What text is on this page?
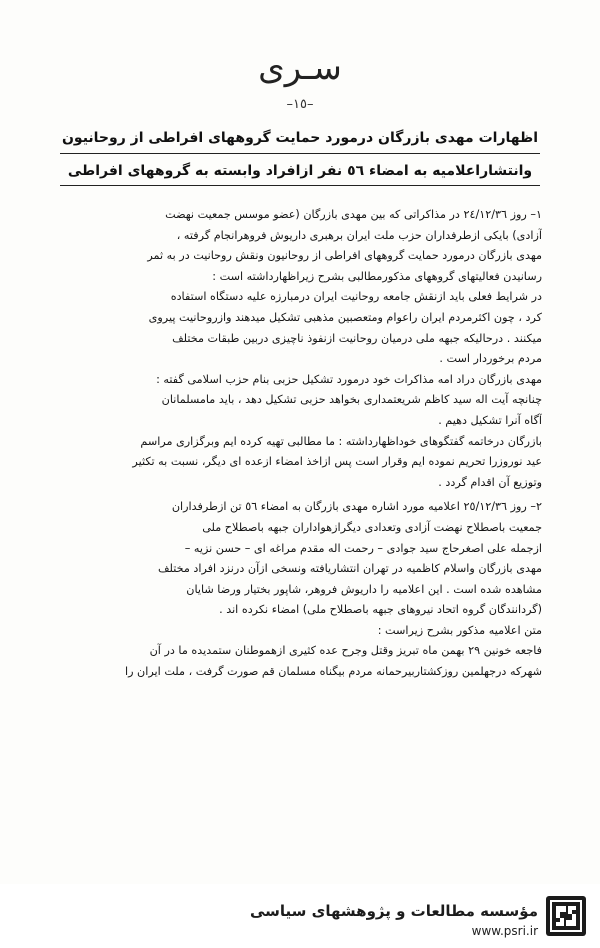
سـری
–١٥–
اظهارات مهدی بازرگان درمورد حمایت گروههای افراطی از روحانیون
وانتشاراعلامیه به امضاء ٥٦ نفر ازافراد وابسته به گروههای افراطی

١– روز ٢٤/١٢/٣٦ در مذاکراتی که بین مهدی بازرگان (عضو موسس جمعیت نهضت

آزادی) بایکی ازطرفداران حزب ملت ایران برهبری داریوش فروهرانجام گرفته ،

مهدی بازرگان درمورد حمایت گروههای افراطی از روحانیون ونقش روحانیت در به ثمر

رسانیدن فعالیتهای گروههای مذکورمطالبی بشرح زیراظهارداشته است :

در شرایط فعلی باید ازنقش جامعه روحانیت ایران درمبارزه علیه دستگاه استفاده

کرد ، چون اکثرمردم ایران راعوام ومتعصبین مذهبی تشکیل میدهند وازروحانیت پیروی

میکنند . درحالیکه جبهه ملی درمیان روحانیت ازنفوذ ناچیزی دربین طبقات مختلف

مردم برخوردار است .

مهدی بازرگان دراد امه مذاکرات خود درمورد تشکیل حزبی بنام حزب اسلامی گفته :

چنانچه آیت اله سید کاظم شریعتمداری بخواهد حزبی تشکیل دهد ، باید مامسلمانان

آگاه آنرا تشکیل دهیم .

بازرگان درخاتمه گفتگوهای خوداظهارداشته : ما مطالبی تهیه کرده ایم وبرگزاری مراسم

عید نوروزرا تحریم نموده ایم وقرار است پس ازاخذ امضاء ازعده ای دیگر، نسبت به تکثیر

وتوزیع آن اقدام گردد .

٢– روز ٢٥/١٢/٣٦ اعلامیه مورد اشاره مهدی بازرگان به امضاء ٥٦ تن ازطرفداران

جمعیت باصطلاح نهضت آزادی وتعدادی دیگرازهواداران جبهه باصطلاح ملی

ازجمله علی اصغرحاج سید جوادی – رحمت اله مقدم مراغه ای – حسن نزیه –

مهدی بازرگان واسلام کاظمیه در تهران انتشاریافته ونسخی ازآن درنزد افراد مختلف

مشاهده شده است . این اعلامیه را داریوش فروهر، شاپور بختیار ورضا شایان

(گردانندگان گروه اتحاد نیروهای جبهه باصطلاح ملی) امضاء نکرده اند .

متن اعلامیه مذکور بشرح زیراست :

فاجعه خونین ٢٩ بهمن ماه تبریز وقتل وجرح عده کثیری ازهموطنان ستمدیده ما در آن

شهرکه درجهلمین روزکشتاربیرحمانه مردم بیگناه مسلمان قم صورت گرفت ، ملت ایران را

مؤسسه مطالعات و پژوهشهای سیاسی
www.psri.ir
